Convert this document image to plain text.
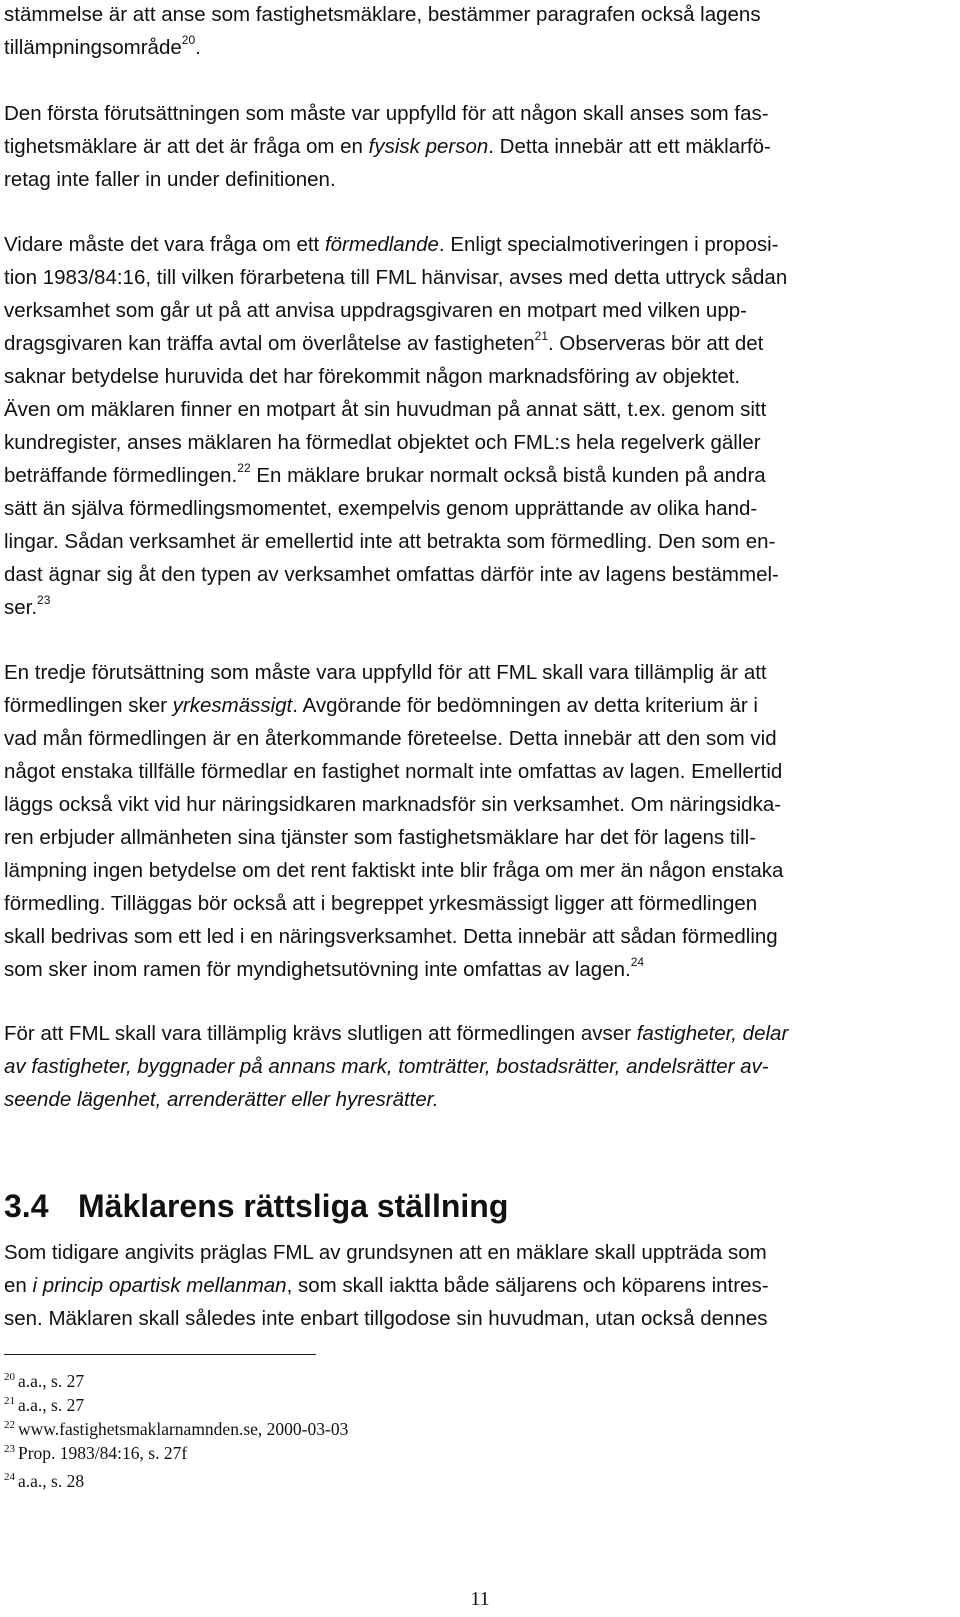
stämmelse är att anse som fastighetsmäklare, bestämmer paragrafen också lagens
tillämpningsområde$^{20}$.
Den första förutsättningen som måste var uppfylld för att någon skall anses som fas-
tighetsmäklare är att det är fråga om en fysisk person. Detta innebär att ett mäklarfö-
retag inte faller in under definitionen.
Vidare måste det vara fråga om ett förmedlande. Enligt specialmotiveringen i proposi-
tion 1983/84:16, till vilken förarbetena till FML hänvisar, avses med detta uttryck sådan
verksamhet som går ut på att anvisa uppdragsgivaren en motpart med vilken upp-
dragsgivaren kan träffa avtal om överlåtelse av fastigheten$^{21}$. Observeras bör att det
saknar betydelse huruvida det har förekommit någon marknadsföring av objektet.
Även om mäklaren finner en motpart åt sin huvudman på annat sätt, t.ex. genom sitt
kundregister, anses mäklaren ha förmedlat objektet och FML:s hela regelverk gäller
beträffande förmedlingen.$^{22}$ En mäklare brukar normalt också bistå kunden på andra
sätt än själva förmedlingsmomentet, exempelvis genom upprättande av olika hand-
lingar. Sådan verksamhet är emellertid inte att betrakta som förmedling. Den som en-
dast ägnar sig åt den typen av verksamhet omfattas därför inte av lagens bestämmel-
ser.$^{23}$
En tredje förutsättning som måste vara uppfylld för att FML skall vara tillämplig är att
förmedlingen sker yrkesmässigt. Avgörande för bedömningen av detta kriterium är i
vad mån förmedlingen är en återkommande företeelse. Detta innebär att den som vid
något enstaka tillfälle förmedlar en fastighet normalt inte omfattas av lagen. Emellertid
läggs också vikt vid hur näringsidkaren marknadsför sin verksamhet. Om näringsidka-
ren erbjuder allmänheten sina tjänster som fastighetsmäklare har det för lagens till-
lämpning ingen betydelse om det rent faktiskt inte blir fråga om mer än någon enstaka
förmedling. Tilläggas bör också att i begreppet yrkesmässigt ligger att förmedlingen
skall bedrivas som ett led i en näringsverksamhet. Detta innebär att sådan förmedling
som sker inom ramen för myndighetsutövning inte omfattas av lagen.$^{24}$
För att FML skall vara tillämplig krävs slutligen att förmedlingen avser fastigheter, delar
av fastigheter, byggnader på annans mark, tomträtter, bostadsrätter, andelsrätter av-
seende lägenhet, arrenderätter eller hyresrätter.
3.4 Mäklarens rättsliga ställning
Som tidigare angivits präglas FML av grundsynen att en mäklare skall uppträda som
en i princip opartisk mellanman, som skall iaktta både säljarens och köparens intres-
sen. Mäklaren skall således inte enbart tillgodose sin huvudman, utan också dennes
$^{20}$ a.a., s. 27
$^{21}$ a.a., s. 27
$^{22}$ www.fastighetsmaklarnamnden.se, 2000-03-03
$^{23}$ Prop. 1983/84:16, s. 27f
$^{24}$ a.a., s. 28
11
